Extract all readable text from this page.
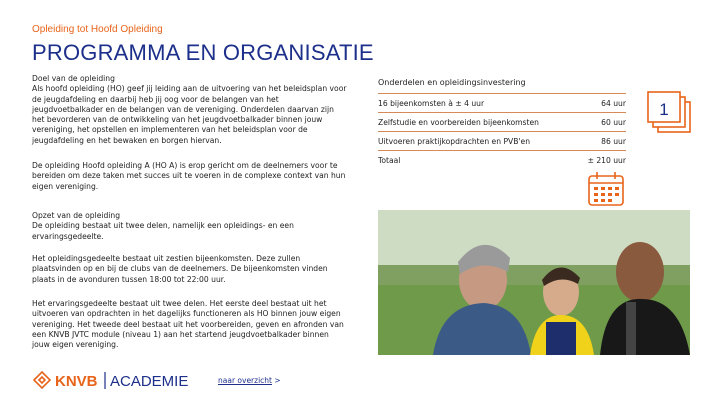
Opleiding tot Hoofd Opleiding
PROGRAMMA EN ORGANISATIE

Doel van de opleiding

Als hoofd opleiding (HO) geef jij leiding aan de uitvoering van het beleidsplan voor de jeugdafdeling en daarbij heb jij oog voor de belangen van het jeugdvoetbalkader en de belangen van de vereniging. Onderdelen daarvan zijn het bevorderen van de ontwikkeling van het jeugdvoetbalkader binnen jouw vereniging, het opstellen en implementeren van het beleidsplan voor de jeugdafdeling en het bewaken en borgen hiervan.

De opleiding Hoofd opleiding A (HO A) is erop gericht om de deelnemers voor te bereiden om deze taken met succes uit te voeren in de complexe context van hun eigen vereniging.

Opzet van de opleiding

De opleiding bestaat uit twee delen, namelijk een opleidings- en een ervaringsgedeelte.

Het opleidingsgedeelte bestaat uit zestien bijeenkomsten. Deze zullen plaatsvinden op en bij de clubs van de deelnemers. De bijeenkomsten vinden plaats in de avonduren tussen 18:00 tot 22:00 uur.
Het ervaringsgedeelte bestaat uit twee delen. Het eerste deel bestaat uit het uitvoeren van opdrachten in het dagelijks functioneren als HO binnen jouw eigen vereniging. Het tweede deel bestaat uit het voorbereiden, geven en afronden van een KNVB JVTC module (niveau 1) aan het startend jeugdvoetbalkader binnen jouw eigen vereniging.
Onderdelen en opleidingsinvestering
16 bijeenkomsten à ± 4 uur	64 uur
Zelfstudie en voorbereiden bijeenkomsten	60 uur
Uitvoeren praktijkopdrachten en PVB'en	86 uur
Totaal	± 210 uur
1
KNVB ACADEMIE	naar overzicht >
